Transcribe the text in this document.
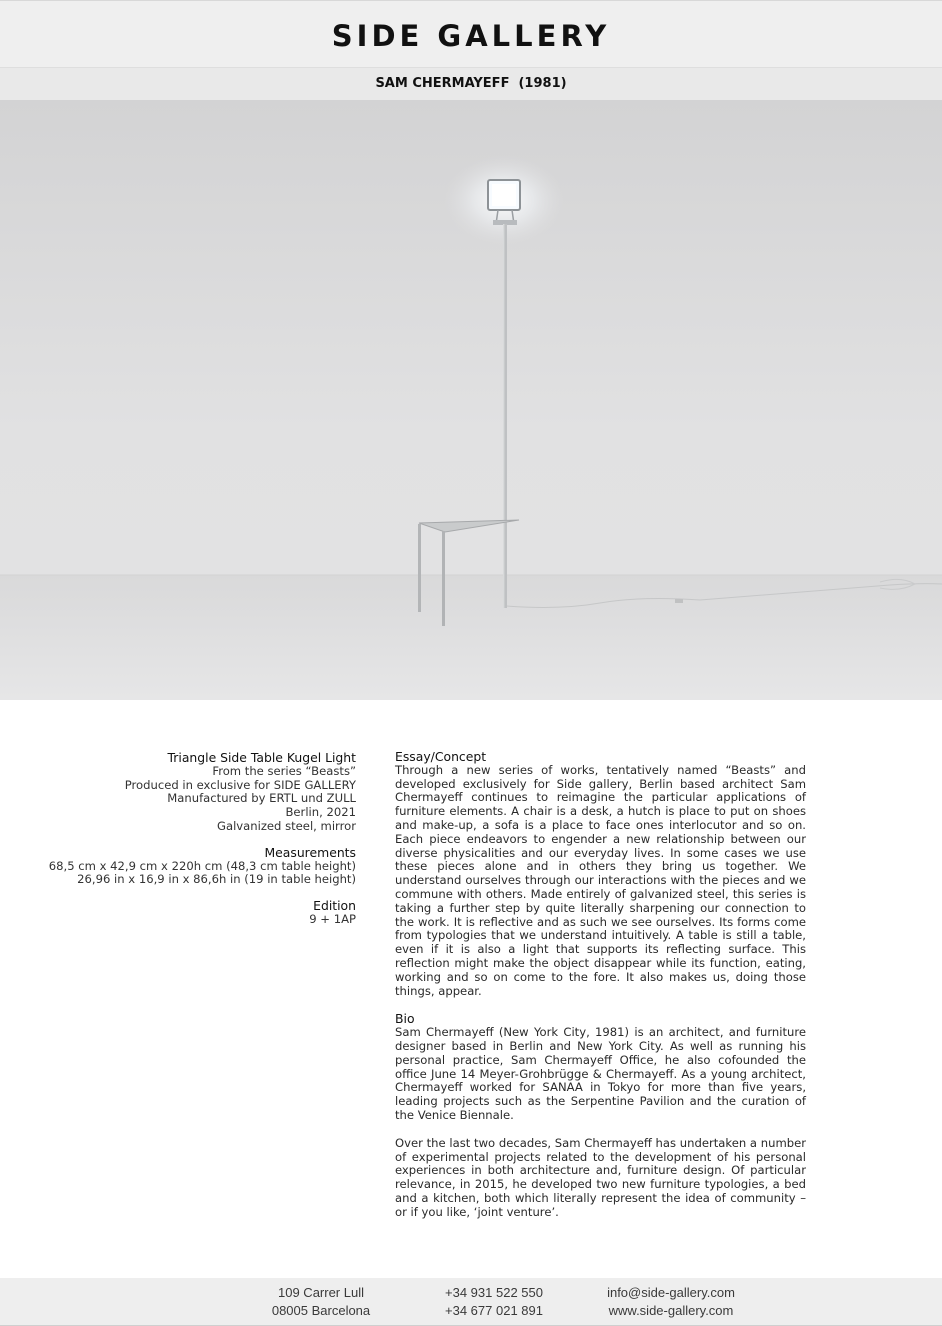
SIDE GALLERY
SAM CHERMAYEFF  (1981)
Triangle Side Table Kugel Light
From the series “Beasts”
Produced in exclusive for SIDE GALLERY
Manufactured by ERTL und ZULL
Berlin, 2021
Galvanized steel, mirror
Measurements
68,5 cm x 42,9 cm x 220h cm (48,3 cm table height)
26,96 in x 16,9 in x 86,6h in (19 in table height)
Edition
9 + 1AP
Essay/Concept

Through a new series of works, tentatively named “Beasts” and developed exclusively for Side gallery, Berlin based architect Sam Chermayeff continues to reimagine the particular applications of furniture elements. A chair is a desk, a hutch is place to put on shoes and make-up, a sofa is a place to face ones interlocutor and so on. Each piece endeavors to engender a new relationship between our diverse physicalities and our everyday lives. In some cases we use these pieces alone and in others they bring us together. We understand ourselves through our interactions with the pieces and we commune with others. Made entirely of galvanized steel, this series is taking a further step by quite literally sharpening our connection to the work. It is reflective and as such we see ourselves. Its forms come from typologies that we understand intuitively. A table is still a table, even if it is also a light that supports its reflecting surface. This reflection might make the object disappear while its function, eating, working and so on come to the fore. It also makes us, doing those things, appear.

Bio

Sam Chermayeff (New York City, 1981) is an architect, and furniture designer based in Berlin and New York City. As well as running his personal practice, Sam Chermayeff Office, he also cofounded the office June 14 Meyer-Grohbrügge & Chermayeff. As a young architect, Chermayeff worked for SANAA in Tokyo for more than five years, leading projects such as the Serpentine Pavilion and the curation of the Venice Biennale.

Over the last two decades, Sam Chermayeff has undertaken a number of experimental projects related to the development of his personal experiences in both architecture and, furniture design. Of particular relevance, in 2015, he developed two new furniture typologies, a bed and a kitchen, both which literally represent the idea of community – or if you like, ‘joint venture’.

109 Carrer Lull
08005 Barcelona
+34 931 522 550
+34 677 021 891
info@side-gallery.com
www.side-gallery.com
